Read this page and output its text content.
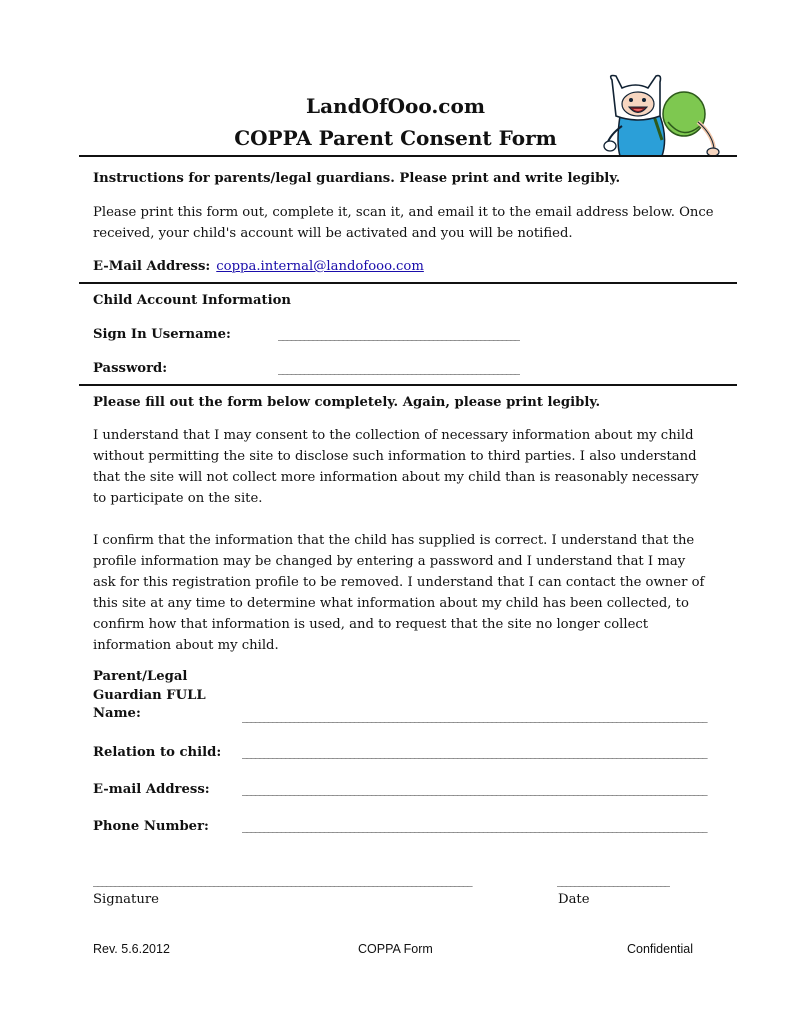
LandOfOoo.com
COPPA Parent Consent Form
Instructions for parents/legal guardians. Please print and write legibly.
Please print this form out, complete it, scan it, and email it to the email address below. Once
received, your child's account will be activated and you will be notified.
E-Mail Address: coppa.internal@landofooo.com
Child Account Information
Sign In Username:	________________________________________________________
Password:	________________________________________________________
Please fill out the form below completely. Again, please print legibly.
I understand that I may consent to the collection of necessary information about my child
without permitting the site to disclose such information to third parties. I also understand
that the site will not collect more information about my child than is reasonably necessary
to participate on the site.
I confirm that the information that the child has supplied is correct. I understand that the
profile information may be changed by entering a password and I understand that I may
ask for this registration profile to be removed. I understand that I can contact the owner of
this site at any time to determine what information about my child has been collected, to
confirm how that information is used, and to request that the site no longer collect
information about my child.
Parent/Legal
Guardian FULL
Name:	____________________________________________________________________________________________________________
Relation to child: ____________________________________________________________________________________________________________
E-mail Address:	____________________________________________________________________________________________________________
Phone Number:	____________________________________________________________________________________________________________
________________________________________________________________________________________
Signature
__________________________
Date
Rev. 5.6.2012	COPPA Form	Confidential
